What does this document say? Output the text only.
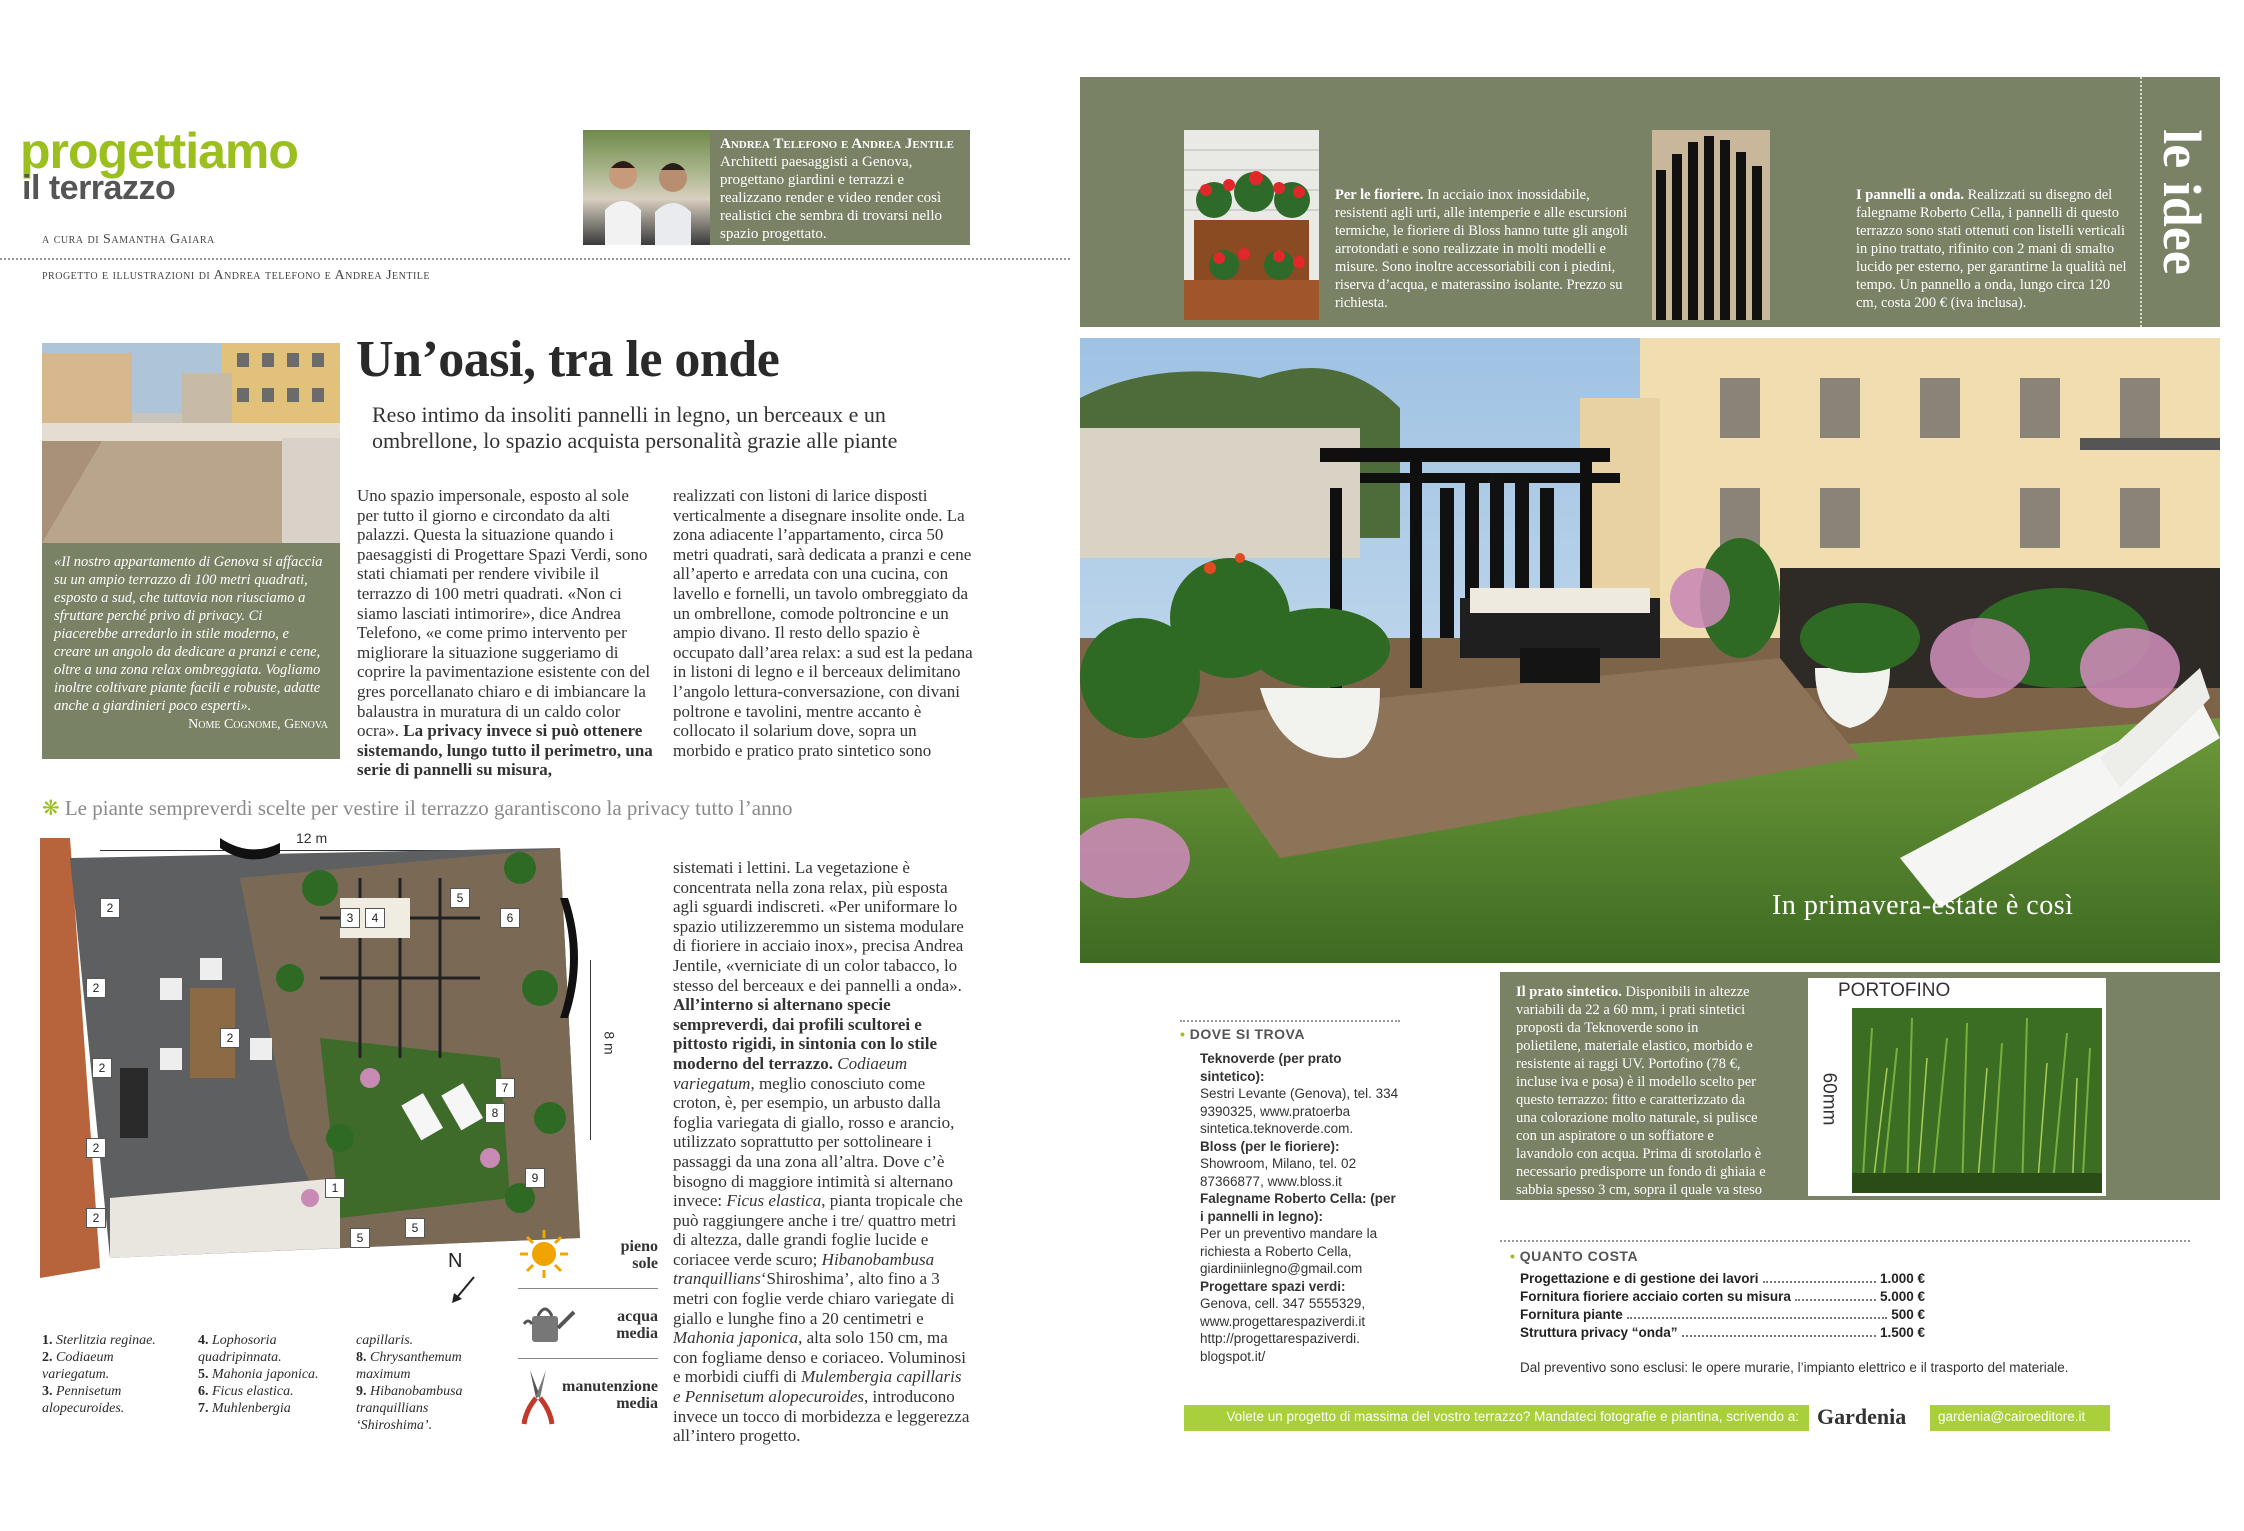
progettiamo
il terrazzo
a cura di Samantha Gaiara
progetto e illustrazioni di Andrea telefono e Andrea Jentile
Andrea Telefono e Andrea Jentile
Architetti paesaggisti a Genova, progettano giardini e terrazzi e realizzano render e video render così realistici che sembra di trovarsi nello spazio progettato.
«Il nostro appartamento di Genova si affaccia su un ampio terrazzo di 100 metri quadrati, esposto a sud, che tuttavia non riusciamo a sfruttare perché privo di privacy. Ci piacerebbe arredarlo in stile moderno, e creare un angolo da dedicare a pranzi e cene, oltre a una zona relax ombreggiata. Vogliamo inoltre coltivare piante facili e robuste, adatte anche a giardinieri poco esperti».
Nome Cognome, Genova
Un’oasi, tra le onde
Reso intimo da insoliti pannelli in legno, un berceaux e un ombrellone, lo spazio acquista personalità grazie alle piante
Uno spazio impersonale, esposto al sole per tutto il giorno e circondato da alti palazzi. Questa la situazione quando i paesaggisti di Progettare Spazi Verdi, sono stati chiamati per rendere vivibile il terrazzo di 100 metri quadrati. «Non ci siamo lasciati intimorire», dice Andrea Telefono, «e come primo intervento per migliorare la situazione suggeriamo di coprire la pavimentazione esistente con del gres porcellanato chiaro e di imbiancare la balaustra in muratura di un caldo color ocra». La privacy invece si può ottenere sistemando, lungo tutto il perimetro, una serie di pannelli su misura,
realizzati con listoni di larice disposti verticalmente a disegnare insolite onde. La zona adiacente l’appartamento, circa 50 metri quadrati, sarà dedicata a pranzi e cene all’aperto e arredata con una cucina, con lavello e fornelli, un tavolo ombreggiato da un ombrellone, comode poltroncine e un ampio divano. Il resto dello spazio è occupato dall’area relax: a sud est la pedana in listoni di legno e il berceaux delimitano l’angolo lettura-conversazione, con divani poltrone e tavolini, mentre accanto è collocato il solarium dove, sopra un morbido e pratico prato sintetico sono
❋ Le piante sempreverdi scelte per vestire il terrazzo garantiscono la privacy tutto l’anno
12 m
8 m
2
2
2
2
2
2
3	4
5
6
7
8
9
1
5
5
N
1. Sterlitzia reginae.
2. Codiaeum variegatum.
3. Pennisetum alopecuroides.
4. Lophosoria quadripinnata.
5. Mahonia japonica.
6. Ficus elastica.
7. Muhlenbergia
capillaris.
8. Chrysanthemum maximum
9. Hibanobambusa tranquillians ‘Shiroshima’.
pieno
sole
acqua
media
manutenzione
media
sistemati i lettini. La vegetazione è concentrata nella zona relax, più esposta agli sguardi indiscreti. «Per uniformare lo spazio utilizzeremmo un sistema modulare di fioriere in acciaio inox», precisa Andrea Jentile, «verniciate di un color tabacco, lo stesso del berceaux e dei pannelli a onda». All’interno si alternano specie sempreverdi, dai profili scultorei e pittosto rigidi, in sintonia con lo stile moderno del terrazzo. Codiaeum variegatum, meglio conosciuto come croton, è, per esempio, un arbusto dalla foglia variegata di giallo, rosso e arancio, utilizzato soprattutto per sottolineare i passaggi da una zona all’altra. Dove c’è bisogno di maggiore intimità si alternano invece: Ficus elastica, pianta tropicale che può raggiungere anche i tre/ quattro metri di altezza, dalle grandi foglie lucide e coriacee verde scuro; Hibanobambusa tranquillians‘Shiroshima’, alto fino a 3 metri con foglie verde chiaro variegate di giallo e lunghe fino a 20 centimetri e Mahonia japonica, alta solo 150 cm, ma con fogliame denso e coriaceo. Voluminosi e morbidi ciuffi di Mulembergia capillaris e Pennisetum alopecuroides, introducono invece un tocco di morbidezza e leggerezza all’intero progetto.
le idee
Per le fioriere. In acciaio inox inossidabile, resistenti agli urti, alle intemperie e alle escursioni termiche, le fioriere di Bloss hanno tutte gli angoli arrotondati e sono realizzate in molti modelli e misure. Sono inoltre accessoriabili con i piedini, riserva d’acqua, e materassino isolante. Prezzo su richiesta.
I pannelli a onda. Realizzati su disegno del falegname Roberto Cella, i pannelli di questo terrazzo sono stati ottenuti con listelli verticali in pino trattato, rifinito con 2 mani di smalto lucido per esterno, per garantirne la qualità nel tempo. Un pannello a onda, lungo circa 120 cm, costa 200 € (iva inclusa).
In primavera-estate è così
Il prato sintetico. Disponibili in altezze variabili da 22 a 60 mm, i prati sintetici proposti da Teknoverde sono in polietilene, materiale elastico, morbido e resistente ai raggi UV. Portofino (78 €, incluse iva e posa) è il modello scelto per questo terrazzo: fitto e caratterizzato da una colorazione molto naturale, si pulisce con un aspiratore o un soffiatore e lavandolo con acqua. Prima di srotolarlo è necessario predisporre un fondo di ghiaia e sabbia spesso 3 cm, sopra il quale va steso un telo di geotessuto.
PORTOFINO
60mm
• DOVE SI TROVA
Teknoverde (per prato sintetico):
Sestri Levante (Genova), tel. 334 9390325, www.pratoerba sintetica.teknoverde.com.
Bloss (per le fioriere):
Showroom, Milano, tel. 02 87366877, www.bloss.it
Falegname Roberto Cella: (per i pannelli in legno):
Per un preventivo mandare la richiesta a Roberto Cella, giardiniinlegno@gmail.com
Progettare spazi verdi:
Genova, cell. 347 5555329, www.progettarespaziverdi.it http://progettarespaziverdi. blogspot.it/
• QUANTO COSTA
Progettazione e di gestione dei lavori	1.000 €
Fornitura fioriere acciaio corten su misura	5.000 €
Fornitura piante	500 €
Struttura privacy “onda”	1.500 €
Dal preventivo sono esclusi: le opere murarie, l’impianto elettrico e il trasporto del materiale.
Volete un progetto di massima del vostro terrazzo? Mandateci fotografie e piantina, scrivendo a: Gardenia gardenia@cairoeditore.it
